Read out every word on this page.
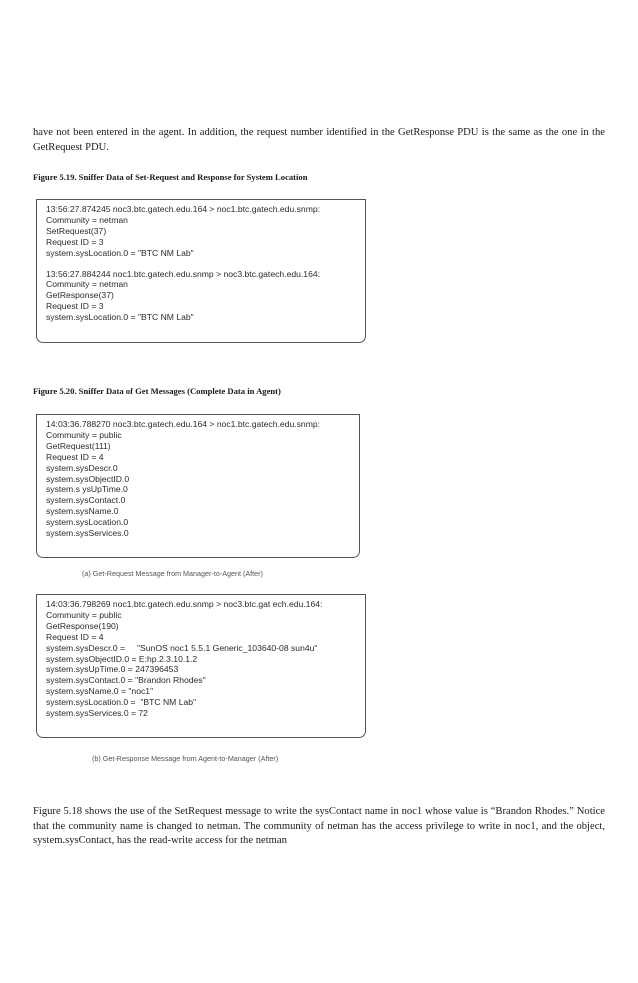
have not been entered in the agent. In addition, the request number identified in the GetResponse PDU is the same as the one in the GetRequest PDU.

Figure 5.19. Sniffer Data of Set-Request and Response for System Location

13:56:27.874245 noc3.btc.gatech.edu.164 > noc1.btc.gatech.edu.snmp:
Community = netman
SetRequest(37)
Request ID = 3
system.sysLocation.0 = "BTC NM Lab"
13:56:27.884244 noc1.btc.gatech.edu.snmp > noc3.btc.gatech.edu.164:
Community = netman
GetResponse(37)
Request ID = 3
system.sysLocation.0 = "BTC NM Lab"

Figure 5.20. Sniffer Data of Get Messages (Complete Data in Agent)

14:03:36.788270 noc3.btc.gatech.edu.164 > noc1.btc.gatech.edu.snmp:
Community = public
GetRequest(111)
Request ID = 4
system.sysDescr.0
system.sysObjectID.0
system.s ysUpTime.0
system.sysContact.0
system.sysName.0
system.sysLocation.0
system.sysServices.0

(a) Get-Request Message from Manager-to-Agent (After)

14:03:36.798269 noc1.btc.gatech.edu.snmp > noc3.btc.gat ech.edu.164:
Community = public
GetResponse(190)
Request ID = 4
system.sysDescr.0 =     "SunOS noc1 5.5.1 Generic_103640-08 sun4u"
system.sysObjectID.0 = E:hp.2.3.10.1.2
system.sysUpTime.0 = 247396453
system.sysContact.0 = "Brandon Rhodes"
system.sysName.0 = "noc1"
system.sysLocation.0 =  "BTC NM Lab"
system.sysServices.0 = 72

(b) Get-Response Message from Agent-to-Manager (After)

Figure 5.18 shows the use of the SetRequest message to write the sysContact name in noc1 whose value is “Brandon Rhodes.” Notice that the community name is changed to netman. The community of netman has the access privilege to write in noc1, and the object, system.sysContact, has the read-write access for the netman
